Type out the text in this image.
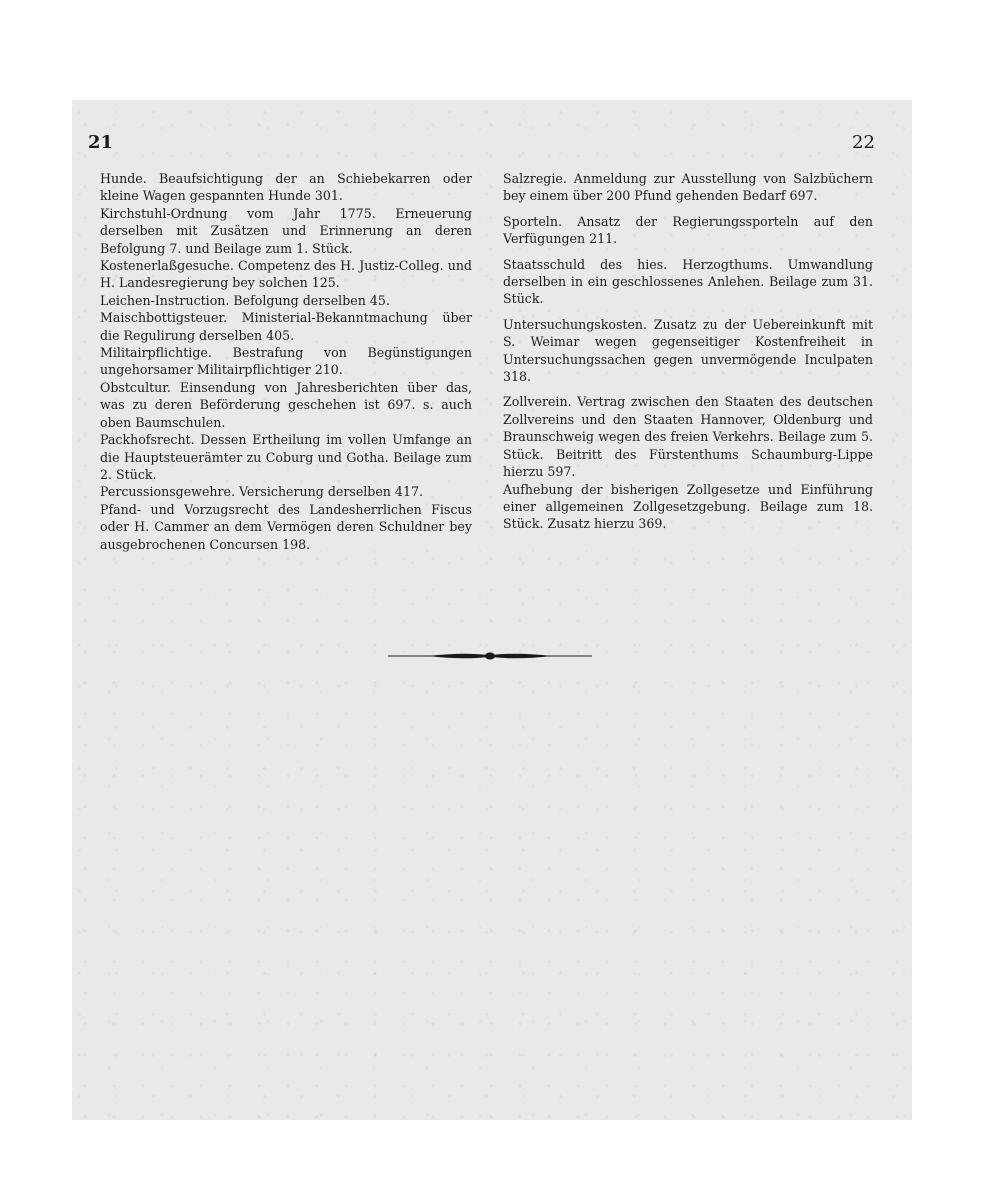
21	22
Hunde. Beaufsichtigung der an Schiebekarren oder kleine Wagen gespannten Hunde 301.
Kirchstuhl-Ordnung vom Jahr 1775. Erneuerung derselben mit Zusätzen und Erinnerung an deren Befolgung 7. und Beilage zum 1. Stück.
Kostenerlaßgesuche. Competenz des H. Justiz-Colleg. und H. Landesregierung bey solchen 125.
Leichen-Instruction. Befolgung derselben 45.
Maischbottigsteuer. Ministerial-Bekanntmachung über die Regulirung derselben 405.
Militairpflichtige. Bestrafung von Begünstigungen ungehorsamer Militairpflichtiger 210.
Obstcultur. Einsendung von Jahresberichten über das, was zu deren Beförderung geschehen ist 697. s. auch oben Baumschulen.
Packhofsrecht. Dessen Ertheilung im vollen Umfange an die Hauptsteuerämter zu Coburg und Gotha. Beilage zum 2. Stück.
Percussionsgewehre. Versicherung derselben 417.
Pfand- und Vorzugsrecht des Landesherrlichen Fiscus oder H. Cammer an dem Vermögen deren Schuldner bey ausgebrochenen Concursen 198.
Salzregie. Anmeldung zur Ausstellung von Salzbüchern bey einem über 200 Pfund gehenden Bedarf 697.
Sporteln. Ansatz der Regierungssporteln auf den Verfügungen 211.
Staatsschuld des hies. Herzogthums. Umwandlung derselben in ein geschlossenes Anlehen. Beilage zum 31. Stück.
Untersuchungskosten. Zusatz zu der Uebereinkunft mit S. Weimar wegen gegenseitiger Kostenfreiheit in Untersuchungssachen gegen unvermögende Inculpaten 318.
Zollverein. Vertrag zwischen den Staaten des deutschen Zollvereins und den Staaten Hannover, Oldenburg und Braunschweig wegen des freien Verkehrs. Beilage zum 5. Stück. Beitritt des Fürstenthums Schaumburg-Lippe hierzu 597.
Aufhebung der bisherigen Zollgesetze und Einführung einer allgemeinen Zollgesetzgebung. Beilage zum 18. Stück. Zusatz hierzu 369.
